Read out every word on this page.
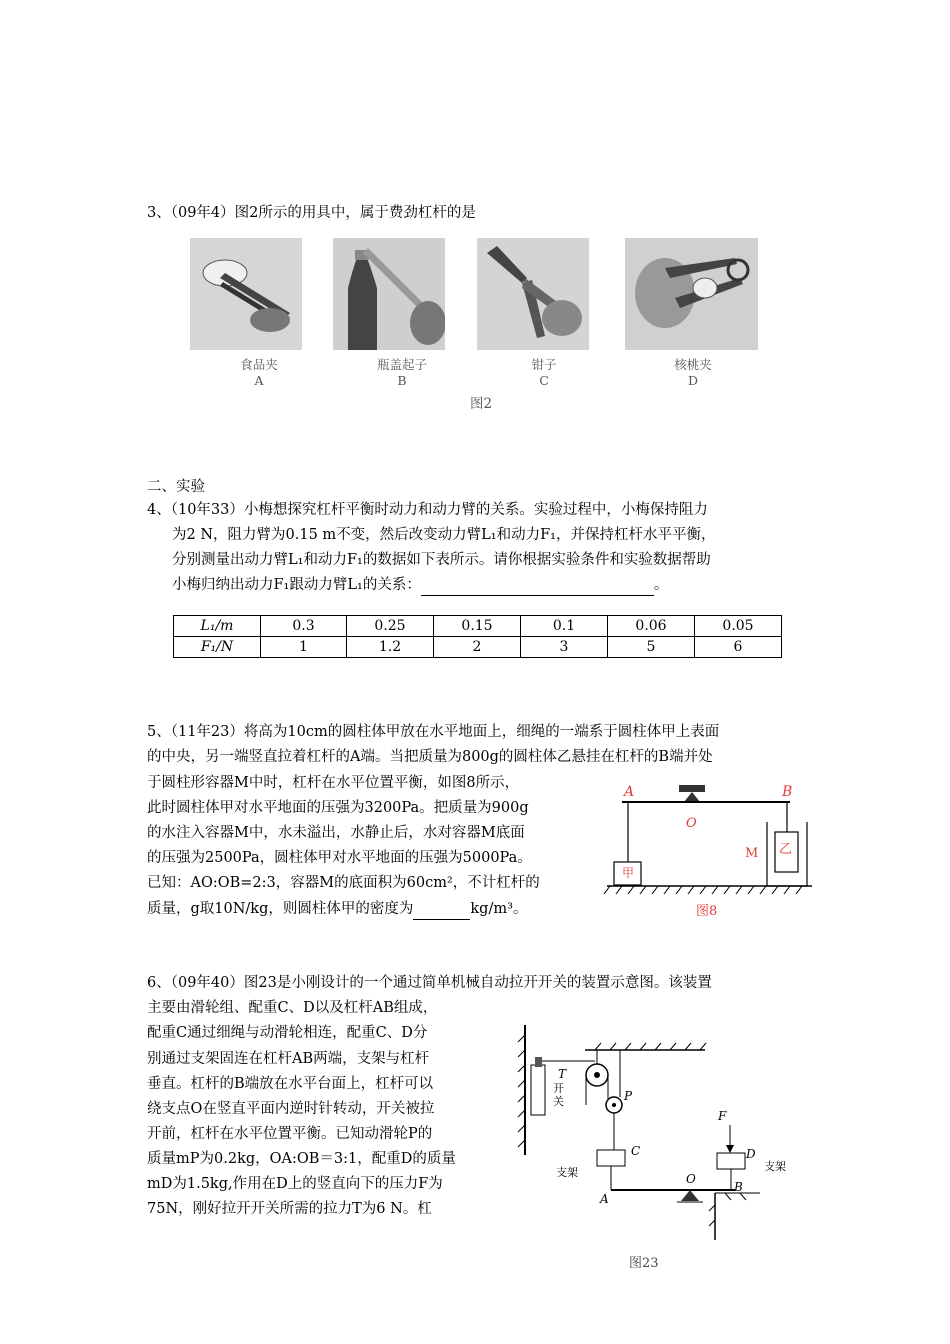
3、（09年4）图2所示的用具中，属于费劲杠杆的是
食品夹
A
瓶盖起子
B
钳子
C
核桃夹
D
图2
二、实验
4、（10年33）小梅想探究杠杆平衡时动力和动力臂的关系。实验过程中，小梅保持阻力
为2 N，阻力臂为0.15 m不变，然后改变动力臂L₁和动力F₁，并保持杠杆水平平衡，
分别测量出动力臂L₁和动力F₁的数据如下表所示。请你根据实验条件和实验数据帮助
小梅归纳出动力F₁跟动力臂L₁的关系：	。
L₁/m	0.3	0.25	0.15	0.1	0.06	0.05
F₁/N	1	1.2	2	3	5	6
5、（11年23）将高为10cm的圆柱体甲放在水平地面上，细绳的一端系于圆柱体甲上表面
的中央，另一端竖直拉着杠杆的A端。当把质量为800g的圆柱体乙悬挂在杠杆的B端并处
于圆柱形容器M中时，杠杆在水平位置平衡，如图8所示，
此时圆柱体甲对水平地面的压强为3200Pa。把质量为900g
的水注入容器M中，水未溢出，水静止后，水对容器M底面
的压强为2500Pa，圆柱体甲对水平地面的压强为5000Pa。
已知：AO:OB=2:3，容器M的底面积为60cm²，不计杠杆的
质量，g取10N/kg，则圆柱体甲的密度为	kg/m³。
A	B
O
M
甲
乙
图8
6、（09年40）图23是小刚设计的一个通过简单机械自动拉开开关的装置示意图。该装置
主要由滑轮组、配重C、D以及杠杆AB组成，
配重C通过细绳与动滑轮相连，配重C、D分
别通过支架固连在杠杆AB两端，支架与杠杆
垂直。杠杆的B端放在水平台面上，杠杆可以
绕支点O在竖直平面内逆时针转动，开关被拉
开前，杠杆在水平位置平衡。已知动滑轮P的
质量mP为0.2kg，OA:OB＝3:1，配重D的质量
mD为1.5kg,作用在D上的竖直向下的压力F为
75N，刚好拉开开关所需的拉力T为6 N。杠
T
开关	P
C
F
D
支架	支架
A
O
B
图23
